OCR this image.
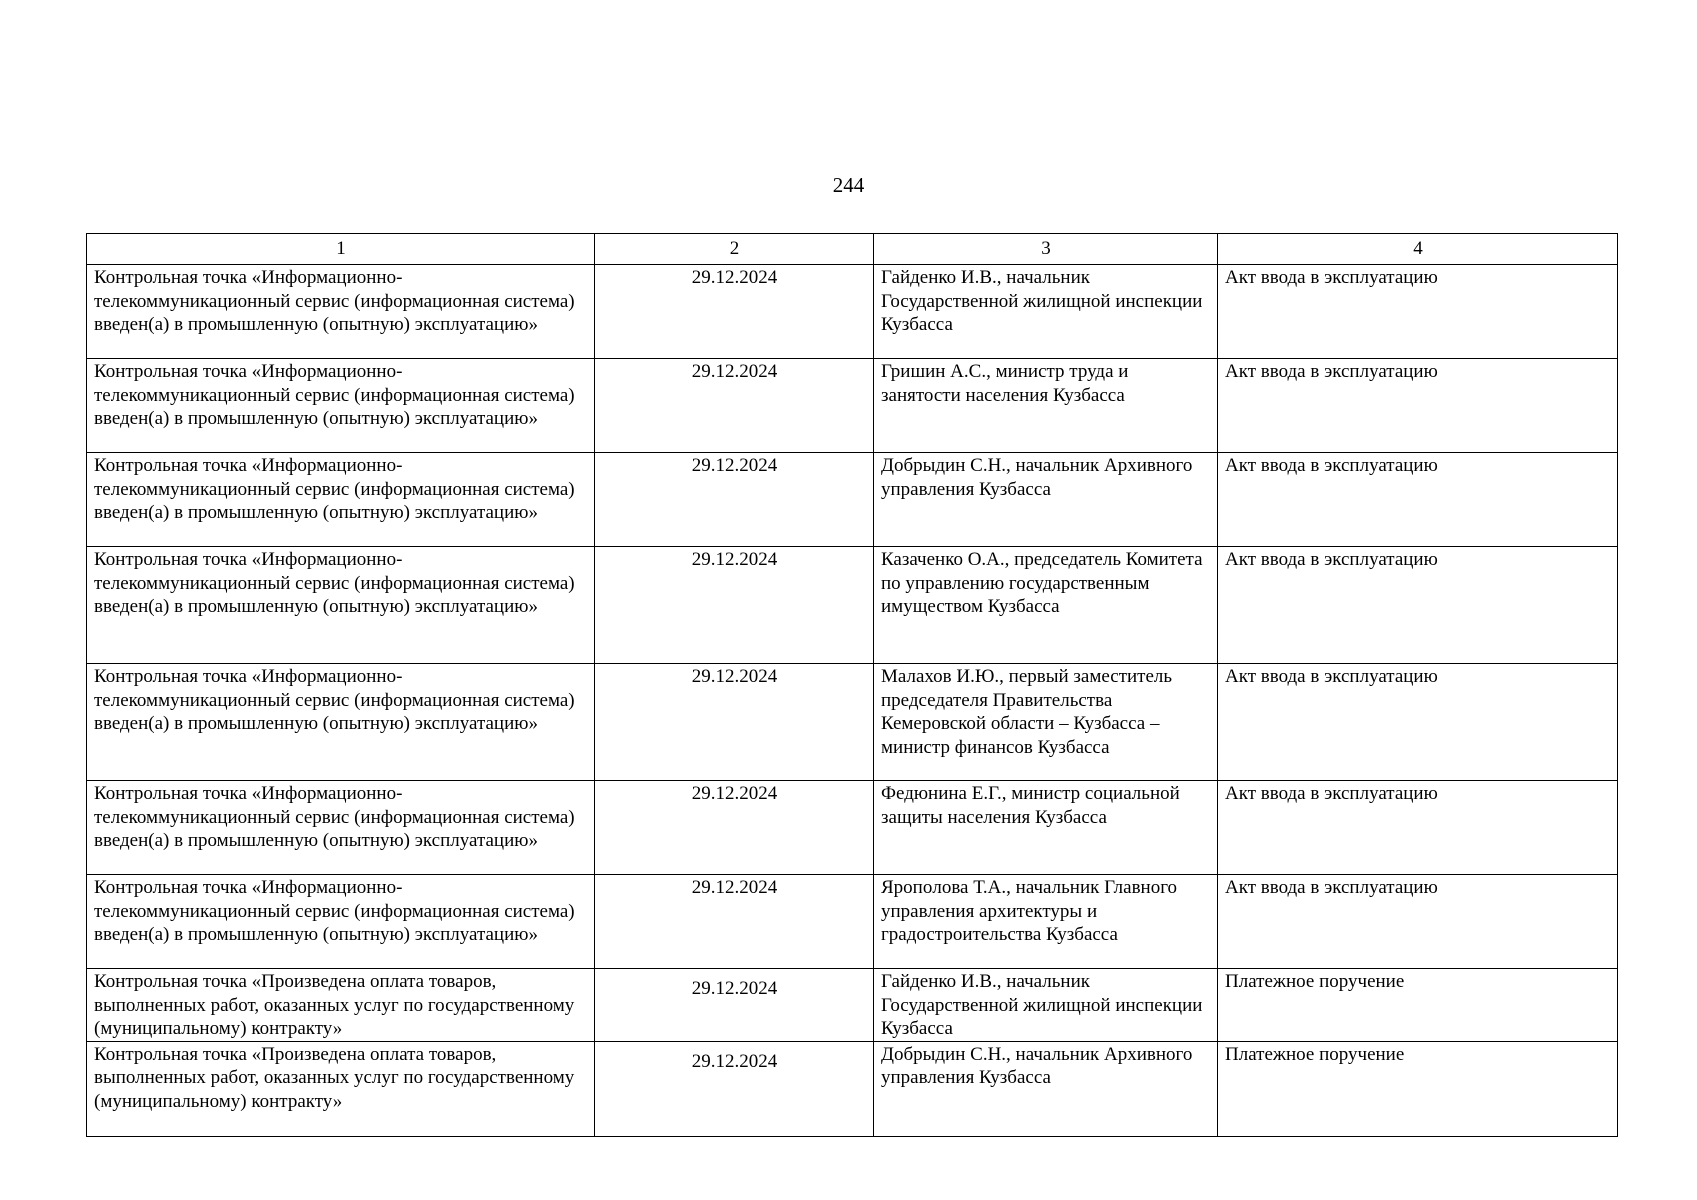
244
1	2	3	4
Контрольная точка «Информационно-телекоммуникационный сервис (информационная система) введен(а) в промышленную (опытную) эксплуатацию»	29.12.2024	Гайденко И.В., начальник Государственной жилищной инспекции Кузбасса	Акт ввода в эксплуатацию
Контрольная точка «Информационно-телекоммуникационный сервис (информационная система) введен(а) в промышленную (опытную) эксплуатацию»	29.12.2024	Гришин А.С., министр труда и занятости населения Кузбасса	Акт ввода в эксплуатацию
Контрольная точка «Информационно-телекоммуникационный сервис (информационная система) введен(а) в промышленную (опытную) эксплуатацию»	29.12.2024	Добрыдин С.Н., начальник Архивного управления Кузбасса	Акт ввода в эксплуатацию
Контрольная точка «Информационно-телекоммуникационный сервис (информационная система) введен(а) в промышленную (опытную) эксплуатацию»	29.12.2024	Казаченко О.А., председатель Комитета по управлению государственным имуществом Кузбасса	Акт ввода в эксплуатацию
Контрольная точка «Информационно-телекоммуникационный сервис (информационная система) введен(а) в промышленную (опытную) эксплуатацию»	29.12.2024	Малахов И.Ю., первый заместитель председателя Правительства Кемеровской области – Кузбасса – министр финансов Кузбасса	Акт ввода в эксплуатацию
Контрольная точка «Информационно-телекоммуникационный сервис (информационная система) введен(а) в промышленную (опытную) эксплуатацию»	29.12.2024	Федюнина Е.Г., министр социальной защиты населения Кузбасса	Акт ввода в эксплуатацию
Контрольная точка «Информационно-телекоммуникационный сервис (информационная система) введен(а) в промышленную (опытную) эксплуатацию»	29.12.2024	Яропoлова Т.А., начальник Главного управления архитектуры и градостроительства Кузбасса	Акт ввода в эксплуатацию
Контрольная точка «Произведена оплата товаров, выполненных работ, оказанных услуг по государственному (муниципальному) контракту»	29.12.2024	Гайденко И.В., начальник Государственной жилищной инспекции Кузбасса	Платежное поручение
Контрольная точка «Произведена оплата товаров, выполненных работ, оказанных услуг по государственному (муниципальному) контракту»	29.12.2024	Добрыдин С.Н., начальник Архивного управления Кузбасса	Платежное поручение
